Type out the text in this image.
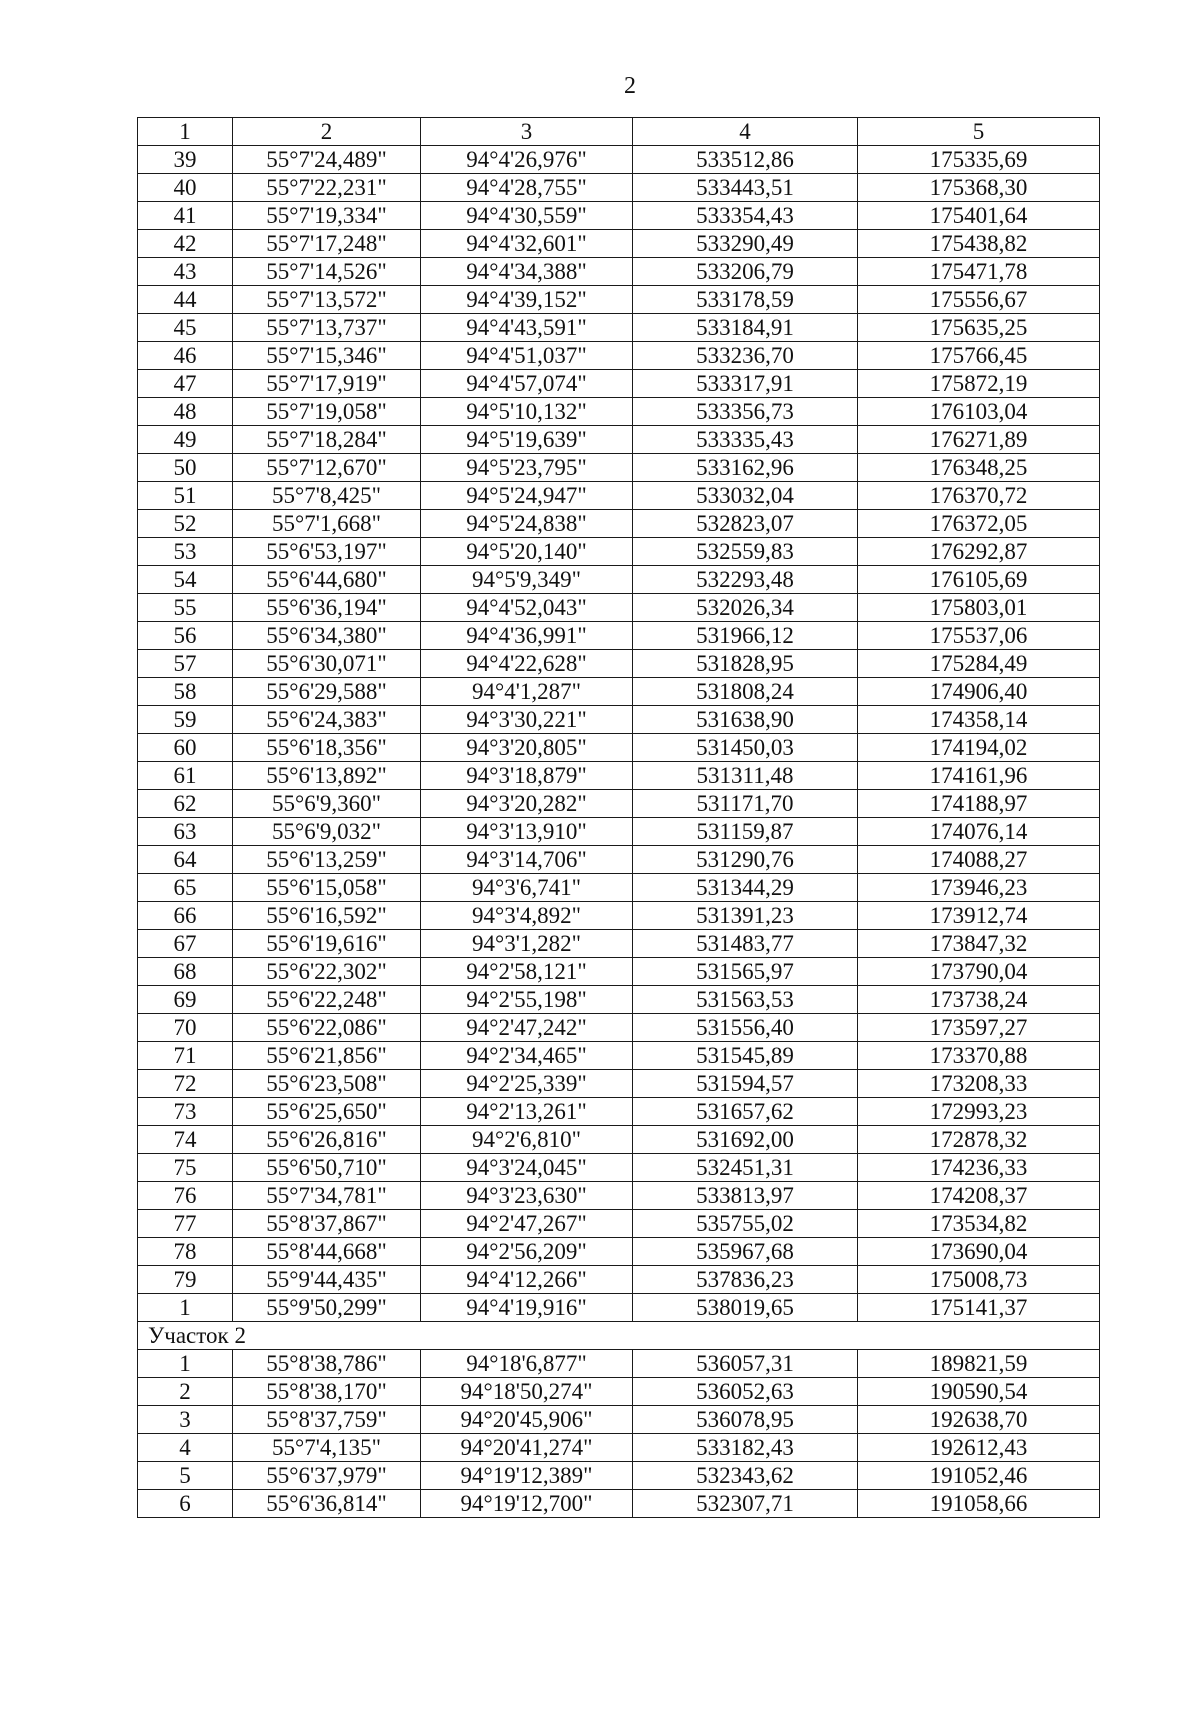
2
1	2	3	4	5
39	55°7'24,489"	94°4'26,976"	533512,86	175335,69
40	55°7'22,231"	94°4'28,755"	533443,51	175368,30
41	55°7'19,334"	94°4'30,559"	533354,43	175401,64
42	55°7'17,248"	94°4'32,601"	533290,49	175438,82
43	55°7'14,526"	94°4'34,388"	533206,79	175471,78
44	55°7'13,572"	94°4'39,152"	533178,59	175556,67
45	55°7'13,737"	94°4'43,591"	533184,91	175635,25
46	55°7'15,346"	94°4'51,037"	533236,70	175766,45
47	55°7'17,919"	94°4'57,074"	533317,91	175872,19
48	55°7'19,058"	94°5'10,132"	533356,73	176103,04
49	55°7'18,284"	94°5'19,639"	533335,43	176271,89
50	55°7'12,670"	94°5'23,795"	533162,96	176348,25
51	55°7'8,425"	94°5'24,947"	533032,04	176370,72
52	55°7'1,668"	94°5'24,838"	532823,07	176372,05
53	55°6'53,197"	94°5'20,140"	532559,83	176292,87
54	55°6'44,680"	94°5'9,349"	532293,48	176105,69
55	55°6'36,194"	94°4'52,043"	532026,34	175803,01
56	55°6'34,380"	94°4'36,991"	531966,12	175537,06
57	55°6'30,071"	94°4'22,628"	531828,95	175284,49
58	55°6'29,588"	94°4'1,287"	531808,24	174906,40
59	55°6'24,383"	94°3'30,221"	531638,90	174358,14
60	55°6'18,356"	94°3'20,805"	531450,03	174194,02
61	55°6'13,892"	94°3'18,879"	531311,48	174161,96
62	55°6'9,360"	94°3'20,282"	531171,70	174188,97
63	55°6'9,032"	94°3'13,910"	531159,87	174076,14
64	55°6'13,259"	94°3'14,706"	531290,76	174088,27
65	55°6'15,058"	94°3'6,741"	531344,29	173946,23
66	55°6'16,592"	94°3'4,892"	531391,23	173912,74
67	55°6'19,616"	94°3'1,282"	531483,77	173847,32
68	55°6'22,302"	94°2'58,121"	531565,97	173790,04
69	55°6'22,248"	94°2'55,198"	531563,53	173738,24
70	55°6'22,086"	94°2'47,242"	531556,40	173597,27
71	55°6'21,856"	94°2'34,465"	531545,89	173370,88
72	55°6'23,508"	94°2'25,339"	531594,57	173208,33
73	55°6'25,650"	94°2'13,261"	531657,62	172993,23
74	55°6'26,816"	94°2'6,810"	531692,00	172878,32
75	55°6'50,710"	94°3'24,045"	532451,31	174236,33
76	55°7'34,781"	94°3'23,630"	533813,97	174208,37
77	55°8'37,867"	94°2'47,267"	535755,02	173534,82
78	55°8'44,668"	94°2'56,209"	535967,68	173690,04
79	55°9'44,435"	94°4'12,266"	537836,23	175008,73
1	55°9'50,299"	94°4'19,916"	538019,65	175141,37
Участок 2				
1	55°8'38,786"	94°18'6,877"	536057,31	189821,59
2	55°8'38,170"	94°18'50,274"	536052,63	190590,54
3	55°8'37,759"	94°20'45,906"	536078,95	192638,70
4	55°7'4,135"	94°20'41,274"	533182,43	192612,43
5	55°6'37,979"	94°19'12,389"	532343,62	191052,46
6	55°6'36,814"	94°19'12,700"	532307,71	191058,66
